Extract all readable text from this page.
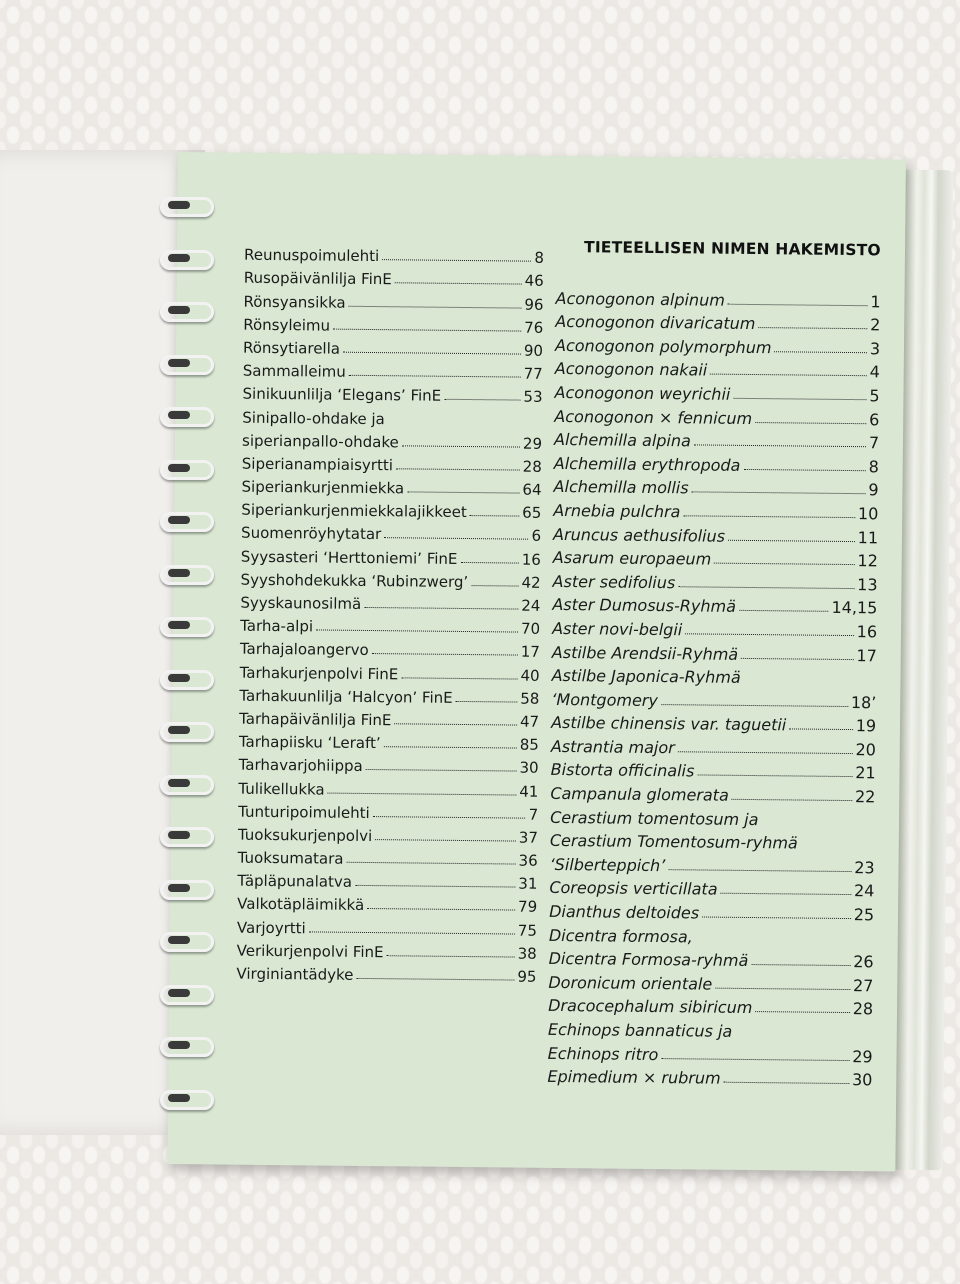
TIETEELLISEN NIMEN HAKEMISTO
Reunuspoimulehti	8
Rusopäivänlilja FinE	46
Rönsyansikka	96
Rönsyleimu	76
Rönsytiarella	90
Sammalleimu	77
Sinikuunlilja ‘Elegans’ FinE	53
Sinipallo-ohdake ja
siperianpallo-ohdake	29
Siperianampiaisyrtti	28
Siperiankurjenmiekka	64
Siperiankurjenmiekkalajikkeet	65
Suomenröyhytatar	6
Syysasteri ‘Herttoniemi’ FinE	16
Syyshohdekukka ‘Rubinzwerg’	42
Syyskaunosilmä	24
Tarha-alpi	70
Tarhajaloangervo	17
Tarhakurjenpolvi FinE	40
Tarhakuunlilja ‘Halcyon’ FinE	58
Tarhapäivänlilja FinE	47
Tarhapiisku ‘Leraft’	85
Tarhavarjohiippa	30
Tulikellukka	41
Tunturipoimulehti	7
Tuoksukurjenpolvi	37
Tuoksumatara	36
Täpläpunalatva	31
Valkotäpläimikkä	79
Varjoyrtti	75
Verikurjenpolvi FinE	38
Virginiantädyke	95
Aconogonon alpinum	1
Aconogonon divaricatum	2
Aconogonon polymorphum	3
Aconogonon nakaii	4
Aconogonon weyrichii	5
Aconogonon × fennicum	6
Alchemilla alpina	7
Alchemilla erythropoda	8
Alchemilla mollis	9
Arnebia pulchra	10
Aruncus aethusifolius	11
Asarum europaeum	12
Aster sedifolius	13
Aster Dumosus-Ryhmä	14,15
Aster novi-belgii	16
Astilbe Arendsii-Ryhmä	17
Astilbe Japonica-Ryhmä
‘Montgomery	18’
Astilbe chinensis var. taguetii	19
Astrantia major	20
Bistorta officinalis	21
Campanula glomerata	22
Cerastium tomentosum ja
Cerastium Tomentosum-ryhmä
‘Silberteppich’	23
Coreopsis verticillata	24
Dianthus deltoides	25
Dicentra formosa,
Dicentra Formosa-ryhmä	26
Doronicum orientale	27
Dracocephalum sibiricum	28
Echinops bannaticus ja
Echinops ritro	29
Epimedium × rubrum	30
